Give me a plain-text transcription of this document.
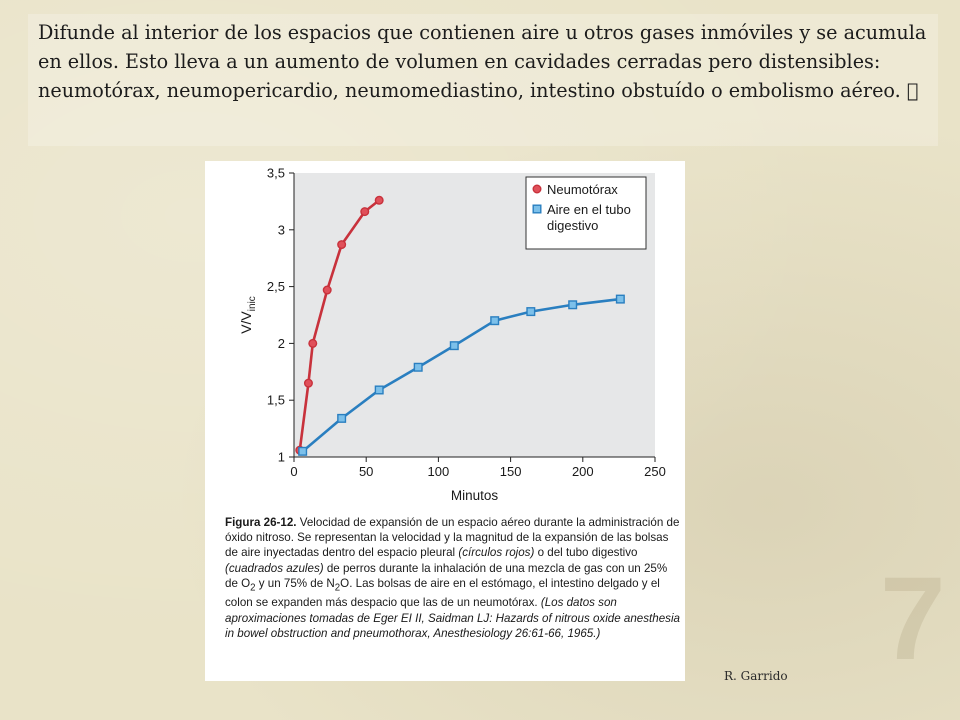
Difunde al interior de los espacios que contienen aire u otros gases inmóviles y se acumula en ellos. Esto lleva a un aumento de volumen en cavidades cerradas pero distensibles: neumotórax, neumopericardio, neumomediastino, intestino obstuído o embolismo aéreo.

1
1,5
2
2,5
3
3,5
0	50	100	150	200	250
Minutos
$V/V_{inic}$
Neumotórax
Aire en el tubo
digestivo

Figura 26-12. Velocidad de expansión de un espacio aéreo durante la administración de óxido nitroso. Se representan la velocidad y la magnitud de la expansión de las bolsas de aire inyectadas dentro del espacio pleural (círculos rojos) o del tubo digestivo (cuadrados azules) de perros durante la inhalación de una mezcla de gas con un 25% de $O_2$ y un 75% de $N_2O$. Las bolsas de aire en el estómago, el intestino delgado y el colon se expanden más despacio que las de un neumotórax. (Los datos son aproximaciones tomadas de Eger EI II, Saidman LJ: Hazards of nitrous oxide anesthesia in bowel obstruction and pneumothorax, Anesthesiology 26:61-66, 1965.)

R. Garrido 7
